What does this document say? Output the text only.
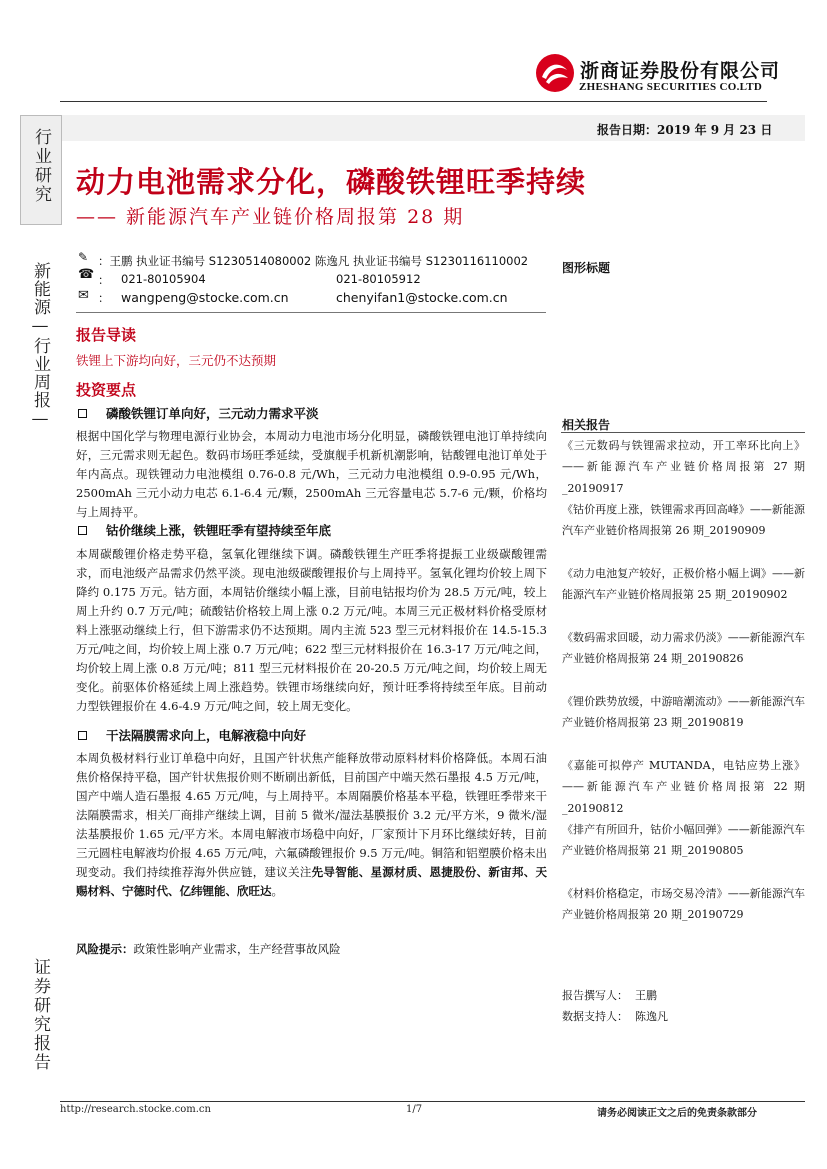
浙商证券股份有限公司
ZHESHANG SECURITIES CO.LTD
报告日期：2019 年 9 月 23 日
行业研究
新能源—行业周报—
证券研究报告
动力电池需求分化，磷酸铁锂旺季持续
—— 新能源汽车产业链价格周报第 28 期
✎ ：王鹏 执业证书编号 S1230514080002 陈逸凡 执业证书编号 S1230116110002
☎ ： 021-80105904	021-80105912
✉ ： wangpeng@stocke.com.cn	chenyifan1@stocke.com.cn
报告导读
铁锂上下游均向好，三元仍不达预期
投资要点
磷酸铁锂订单向好，三元动力需求平淡
根据中国化学与物理电源行业协会，本周动力电池市场分化明显，磷酸铁锂电池订单持续向好，三元需求则无起色。数码市场旺季延续，受旗舰手机新机潮影响，钴酸锂电池订单处于年内高点。现铁锂动力电池模组 0.76-0.8 元/Wh，三元动力电池模组 0.9-0.95 元/Wh，2500mAh 三元小动力电芯 6.1-6.4 元/颗，2500mAh 三元容量电芯 5.7-6 元/颗，价格均与上周持平。
钴价继续上涨，铁锂旺季有望持续至年底
本周碳酸锂价格走势平稳，氢氧化锂继续下调。磷酸铁锂生产旺季将提振工业级碳酸锂需求，而电池级产品需求仍然平淡。现电池级碳酸锂报价与上周持平。氢氧化锂均价较上周下降约 0.175 万元。钴方面，本周钴价继续小幅上涨，目前电钴报均价为 28.5 万元/吨，较上周上升约 0.7 万元/吨；硫酸钴价格较上周上涨 0.2 万元/吨。本周三元正极材料价格受原材料上涨驱动继续上行，但下游需求仍不达预期。周内主流 523 型三元材料报价在 14.5-15.3 万元/吨之间，均价较上周上涨 0.7 万元/吨；622 型三元材料报价在 16.3-17 万元/吨之间，均价较上周上涨 0.8 万元/吨；811 型三元材料报价在 20-20.5 万元/吨之间，均价较上周无变化。前驱体价格延续上周上涨趋势。铁锂市场继续向好，预计旺季将持续至年底。目前动力型铁锂报价在 4.6-4.9 万元/吨之间，较上周无变化。
干法隔膜需求向上，电解液稳中向好
本周负极材料行业订单稳中向好，且国产针状焦产能释放带动原料材料价格降低。本周石油焦价格保持平稳，国产针状焦报价则不断刷出新低，目前国产中端天然石墨报 4.5 万元/吨，国产中端人造石墨报 4.65 万元/吨，与上周持平。本周隔膜价格基本平稳，铁锂旺季带来干法隔膜需求，相关厂商排产继续上调，目前 5 微米/湿法基膜报价 3.2 元/平方米，9 微米/湿法基膜报价 1.65 元/平方米。本周电解液市场稳中向好，厂家预计下月环比继续好转，目前三元圆柱电解液均价报 4.65 万元/吨，六氟磷酸锂报价 9.5 万元/吨。铜箔和铝塑膜价格未出现变动。我们持续推荐海外供应链，建议关注先导智能、星源材质、恩捷股份、新宙邦、天赐材料、宁德时代、亿纬锂能、欣旺达。
风险提示：政策性影响产业需求，生产经营事故风险
图形标题
相关报告
《三元数码与铁锂需求拉动，开工率环比向上》——新能源汽车产业链价格周报第 27 期_20190917
《钴价再度上涨，铁锂需求再回高峰》——新能源汽车产业链价格周报第 26 期_20190909
《动力电池复产较好，正极价格小幅上调》——新能源汽车产业链价格周报第 25 期_20190902
《数码需求回暖，动力需求仍淡》——新能源汽车产业链价格周报第 24 期_20190826
《锂价跌势放缓，中游暗潮流动》——新能源汽车产业链价格周报第 23 期_20190819
《嘉能可拟停产 MUTANDA，电钴应势上涨》——新能源汽车产业链价格周报第 22 期_20190812
《排产有所回升，钴价小幅回弹》——新能源汽车产业链价格周报第 21 期_20190805
《材料价格稳定，市场交易冷清》——新能源汽车产业链价格周报第 20 期_20190729
报告撰写人：  王鹏
数据支持人：  陈逸凡
http://research.stocke.com.cn	1/7	请务必阅读正文之后的免责条款部分
